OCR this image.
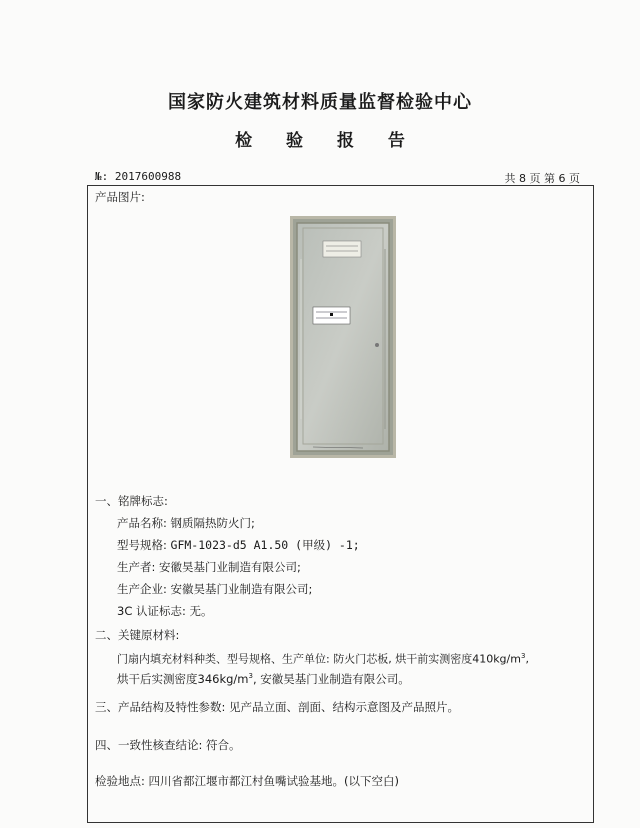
国家防火建筑材料质量监督检验中心
检 验 报 告
№: 2017600988	共 8 页 第 6 页
产品图片:
一、铭牌标志:
产品名称: 钢质隔热防火门;
型号规格: GFM-1023-d5 A1.50 (甲级) -1;
生产者: 安徽昊基门业制造有限公司;
生产企业: 安徽昊基门业制造有限公司;
3C 认证标志: 无。
二、关键原材料:
门扇内填充材料种类、型号规格、生产单位: 防火门芯板, 烘干前实测密度$410kg/m^3$,
烘干后实测密度$346kg/m^3$, 安徽昊基门业制造有限公司。
三、产品结构及特性参数: 见产品立面、剖面、结构示意图及产品照片。
四、一致性核查结论: 符合。
检验地点: 四川省都江堰市都江村鱼嘴试验基地。(以下空白)
